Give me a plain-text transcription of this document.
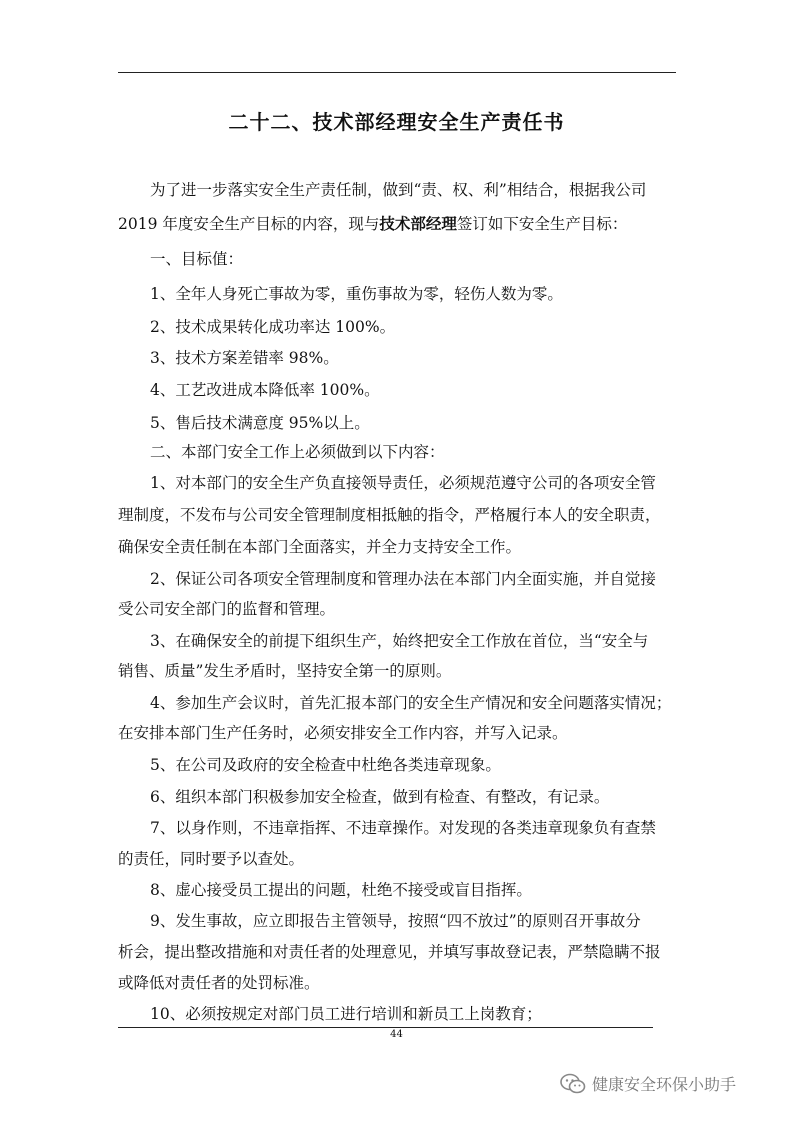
二十二、技术部经理安全生产责任书
为了进一步落实安全生产责任制，做到“责、权、利”相结合，根据我公司
2019 年度安全生产目标的内容，现与技术部经理签订如下安全生产目标：
一、目标值：
1、全年人身死亡事故为零，重伤事故为零，轻伤人数为零。
2、技术成果转化成功率达 100%。
3、技术方案差错率 98%。
4、工艺改进成本降低率 100%。
5、售后技术满意度 95%以上。
二、本部门安全工作上必须做到以下内容：
1、对本部门的安全生产负直接领导责任，必须规范遵守公司的各项安全管
理制度，不发布与公司安全管理制度相抵触的指令，严格履行本人的安全职责，
确保安全责任制在本部门全面落实，并全力支持安全工作。
2、保证公司各项安全管理制度和管理办法在本部门内全面实施，并自觉接
受公司安全部门的监督和管理。
3、在确保安全的前提下组织生产，始终把安全工作放在首位，当“安全与
销售、质量”发生矛盾时，坚持安全第一的原则。
4、参加生产会议时，首先汇报本部门的安全生产情况和安全问题落实情况；
在安排本部门生产任务时，必须安排安全工作内容，并写入记录。
5、在公司及政府的安全检查中杜绝各类违章现象。
6、组织本部门积极参加安全检查，做到有检查、有整改，有记录。
7、以身作则，不违章指挥、不违章操作。对发现的各类违章现象负有查禁
的责任，同时要予以查处。
8、虚心接受员工提出的问题，杜绝不接受或盲目指挥。
9、发生事故，应立即报告主管领导，按照“四不放过”的原则召开事故分
析会，提出整改措施和对责任者的处理意见，并填写事故登记表，严禁隐瞒不报
或降低对责任者的处罚标准。
10、必须按规定对部门员工进行培训和新员工上岗教育；
44
健康安全环保小助手
